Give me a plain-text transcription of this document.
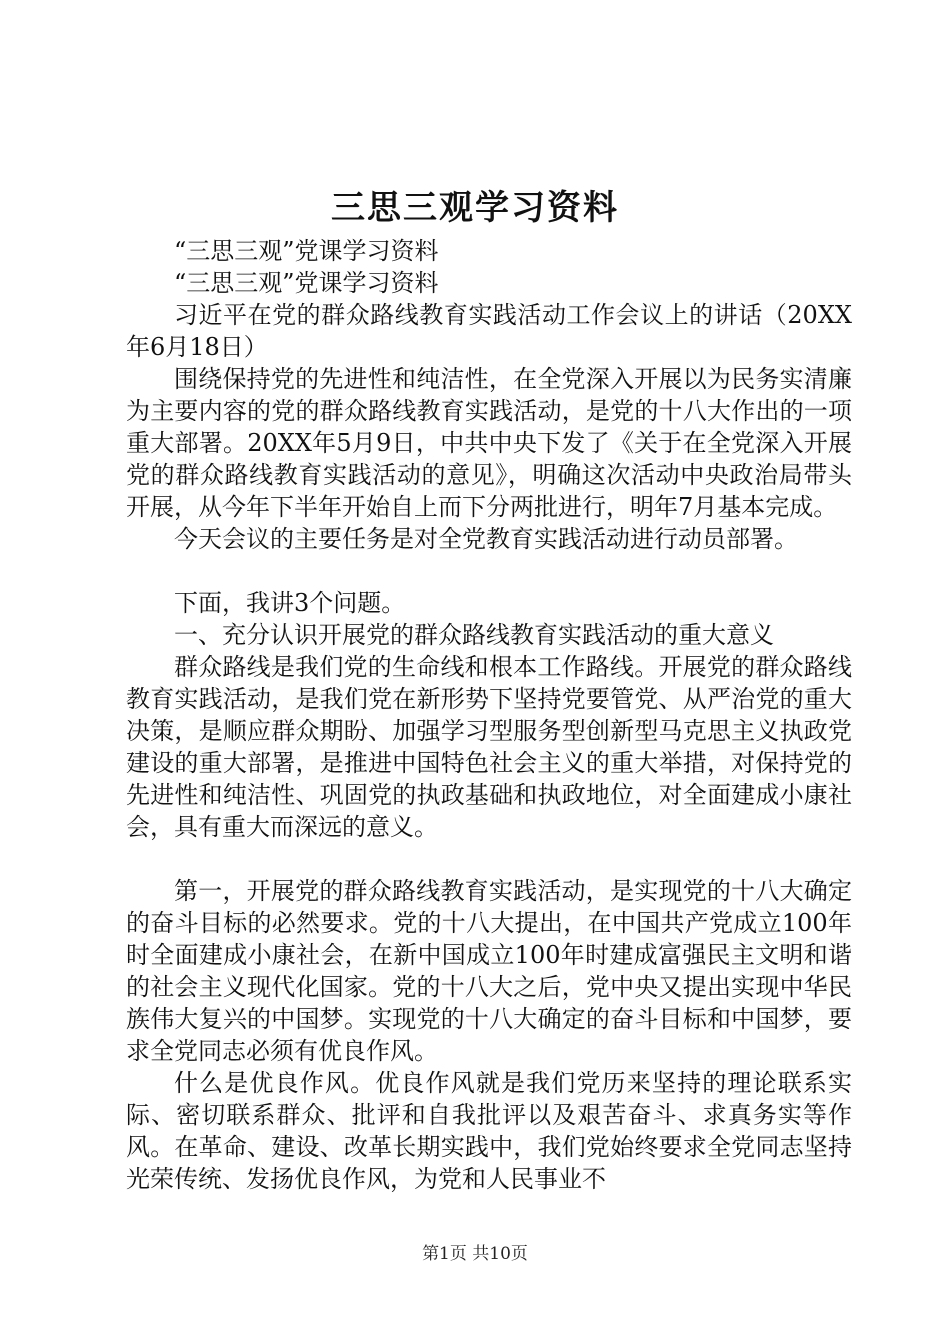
三思三观学习资料

“三思三观”党课学习资料

“三思三观”党课学习资料

习近平在党的群众路线教育实践活动工作会议上的讲话（20XX年6月18日）

围绕保持党的先进性和纯洁性，在全党深入开展以为民务实清廉为主要内容的党的群众路线教育实践活动，是党的十八大作出的一项重大部署。20XX年5月9日，中共中央下发了《关于在全党深入开展党的群众路线教育实践活动的意见》，明确这次活动中央政治局带头开展，从今年下半年开始自上而下分两批进行，明年7月基本完成。

今天会议的主要任务是对全党教育实践活动进行动员部署。

下面，我讲3个问题。

一、充分认识开展党的群众路线教育实践活动的重大意义

群众路线是我们党的生命线和根本工作路线。开展党的群众路线教育实践活动，是我们党在新形势下坚持党要管党、从严治党的重大决策，是顺应群众期盼、加强学习型服务型创新型马克思主义执政党建设的重大部署，是推进中国特色社会主义的重大举措，对保持党的先进性和纯洁性、巩固党的执政基础和执政地位，对全面建成小康社会，具有重大而深远的意义。

第一，开展党的群众路线教育实践活动，是实现党的十八大确定的奋斗目标的必然要求。党的十八大提出，在中国共产党成立100年时全面建成小康社会，在新中国成立100年时建成富强民主文明和谐的社会主义现代化国家。党的十八大之后，党中央又提出实现中华民族伟大复兴的中国梦。实现党的十八大确定的奋斗目标和中国梦，要求全党同志必须有优良作风。

什么是优良作风。优良作风就是我们党历来坚持的理论联系实际、密切联系群众、批评和自我批评以及艰苦奋斗、求真务实等作风。在革命、建设、改革长期实践中，我们党始终要求全党同志坚持光荣传统、发扬优良作风，为党和人民事业不

第1页 共10页
